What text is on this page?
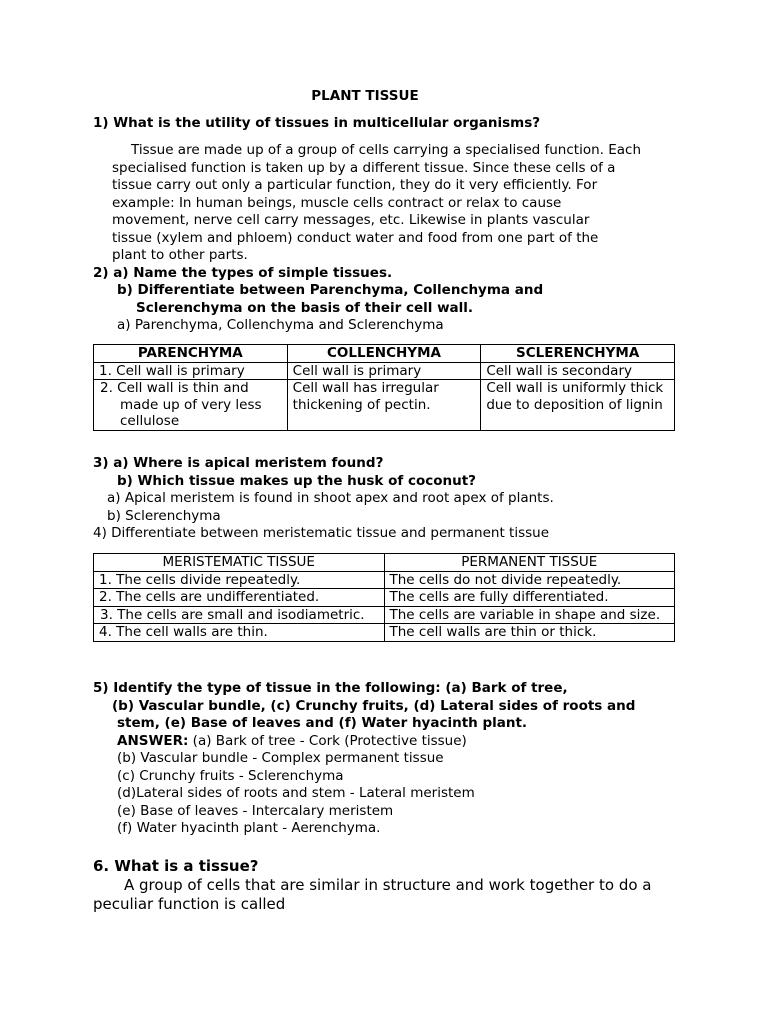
PLANT TISSUE
1) What is the utility of tissues in multicellular organisms?
Tissue are made up of a group of cells carrying a specialised function. Each
specialised function is taken up by a different tissue. Since these cells of a
tissue carry out only a particular function, they do it very efficiently. For
example: In human beings, muscle cells contract or relax to cause
movement, nerve cell carry messages, etc. Likewise in plants vascular
tissue (xylem and phloem) conduct water and food from one part of the
plant to other parts.
2) a) Name the types of simple tissues.
b) Differentiate between Parenchyma, Collenchyma and
Sclerenchyma on the basis of their cell wall.
a) Parenchyma, Collenchyma and Sclerenchyma
PARENCHYMA	COLLENCHYMA	SCLERENCHYMA
1. Cell wall is primary	Cell wall is primary	Cell wall is secondary
2. Cell wall is thin and made up of very less cellulose	Cell wall has irregular thickening of pectin.	Cell wall is uniformly thick due to deposition of lignin
3) a) Where is apical meristem found?
b) Which tissue makes up the husk of coconut?
a) Apical meristem is found in shoot apex and root apex of plants.
b) Sclerenchyma
4) Differentiate between meristematic tissue and permanent tissue
MERISTEMATIC TISSUE	PERMANENT TISSUE
1. The cells divide repeatedly.	The cells do not divide repeatedly.
2. The cells are undifferentiated.	The cells are fully differentiated.
3. The cells are small and isodiametric.	The cells are variable in shape and size.
4. The cell walls are thin.	The cell walls are thin or thick.
5) Identify the type of tissue in the following: (a) Bark of tree,
(b) Vascular bundle, (c) Crunchy fruits, (d) Lateral sides of roots and
stem, (e) Base of leaves and (f) Water hyacinth plant.
ANSWER: (a) Bark of tree - Cork (Protective tissue)
(b) Vascular bundle - Complex permanent tissue
(c) Crunchy fruits - Sclerenchyma
(d)Lateral sides of roots and stem - Lateral meristem
(e) Base of leaves - Intercalary meristem
(f) Water hyacinth plant - Aerenchyma.
6. What is a tissue?
A group of cells that are similar in structure and work together to do a
peculiar function is called
